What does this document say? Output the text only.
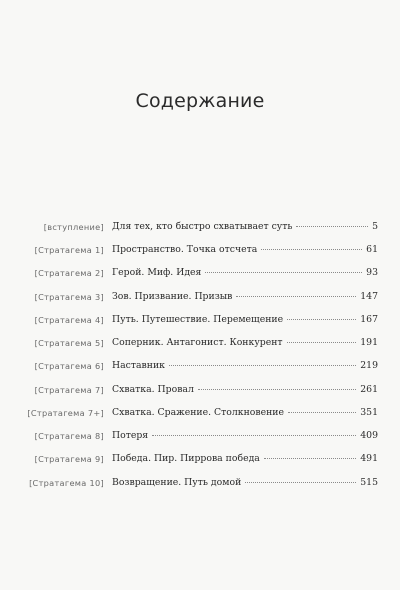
Содержание
[вступление] Для тех, кто быстро схватывает суть	5
[Стратагема 1] Пространство. Точка отсчета	61
[Стратагема 2] Герой. Миф. Идея	93
[Стратагема 3] Зов. Призвание. Призыв	147
[Стратагема 4] Путь. Путешествие. Перемещение	167
[Стратагема 5] Соперник. Антагонист. Конкурент	191
[Стратагема 6] Наставник	219
[Стратагема 7] Схватка. Провал	261
[Стратагема 7+] Схватка. Сражение. Столкновение	351
[Стратагема 8] Потеря	409
[Стратагема 9] Победа. Пир. Пиррова победа	491
[Стратагема 10] Возвращение. Путь домой	515
